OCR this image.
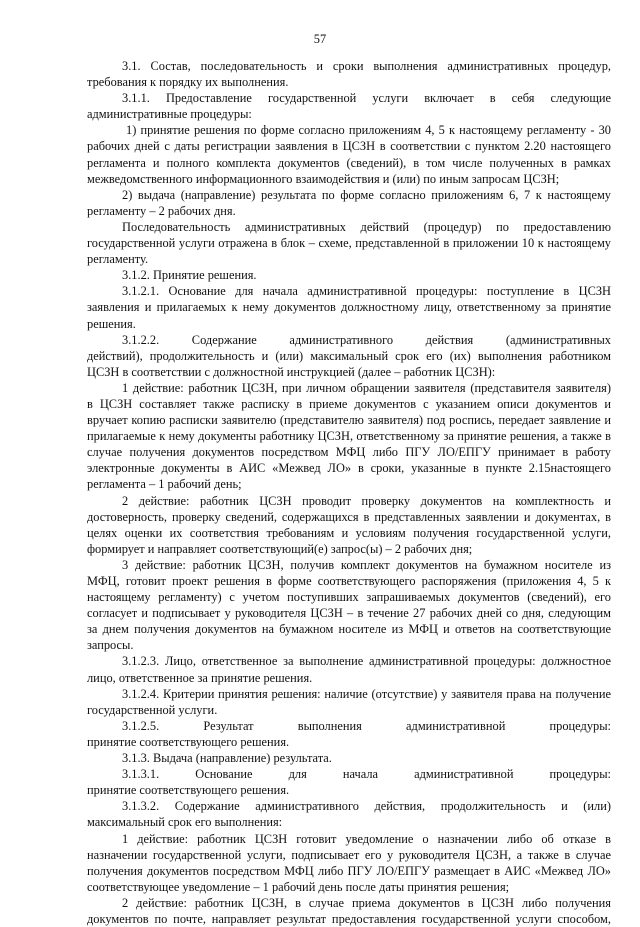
57
3.1. Состав, последовательность и сроки выполнения административных процедур,
требования к порядку их выполнения.
3.1.1. Предоставление государственной услуги включает в себя следующие
административные процедуры:
1) принятие решения по форме согласно приложениям 4, 5 к настоящему регламенту - 30
рабочих дней с даты регистрации заявления в ЦСЗН в соответствии с пунктом 2.20 настоящего
регламента и полного комплекта документов (сведений), в том числе полученных в рамках
межведомственного информационного взаимодействия и (или) по иным запросам ЦСЗН;
2) выдача (направление) результата по форме согласно приложениям 6, 7 к настоящему
регламенту – 2 рабочих дня.
Последовательность административных действий (процедур) по предоставлению
государственной услуги отражена в блок – схеме, представленной в приложении 10 к настоящему
регламенту.
3.1.2. Принятие решения.
3.1.2.1. Основание для начала административной процедуры: поступление в ЦСЗН
заявления и прилагаемых к нему документов должностному лицу, ответственному за принятие
решения.
3.1.2.2. Содержание административного действия (административных
действий), продолжительность и (или) максимальный срок его (их) выполнения работником
ЦСЗН в соответствии с должностной инструкцией (далее – работник ЦСЗН):
1 действие: работник ЦСЗН, при личном обращении заявителя (представителя заявителя)
в ЦСЗН составляет также расписку в приеме документов с указанием описи документов и
вручает копию расписки заявителю (представителю заявителя) под роспись, передает заявление и
прилагаемые к нему документы работнику ЦСЗН, ответственному за принятие решения, а также в
случае получения документов посредством МФЦ либо ПГУ ЛО/ЕПГУ принимает в работу
электронные документы в АИС «Межвед ЛО» в сроки, указанные в пункте 2.15настоящего
регламента – 1 рабочий день;
2 действие: работник ЦСЗН проводит проверку документов на комплектность и
достоверность, проверку сведений, содержащихся в представленных заявлении и документах, в
целях оценки их соответствия требованиям и условиям получения государственной услуги,
формирует и направляет соответствующий(е) запрос(ы) – 2 рабочих дня;
3 действие: работник ЦСЗН, получив комплект документов на бумажном носителе из
МФЦ, готовит проект решения в форме соответствующего распоряжения (приложения 4, 5 к
настоящему регламенту) с учетом поступивших запрашиваемых документов (сведений), его
согласует и подписывает у руководителя ЦСЗН – в течение 27 рабочих дней со дня, следующим
за днем получения документов на бумажном носителе из МФЦ и ответов на соответствующие
запросы.
3.1.2.3. Лицо, ответственное за выполнение административной процедуры: должностное
лицо, ответственное за принятие решения.
3.1.2.4. Критерии принятия решения: наличие (отсутствие) у заявителя права на получение
государственной услуги.
3.1.2.5. Результат выполнения административной процедуры:
принятие соответствующего решения.
3.1.3. Выдача (направление) результата.
3.1.3.1. Основание для начала административной процедуры:
принятие соответствующего решения.
3.1.3.2. Содержание административного действия, продолжительность и (или)
максимальный срок его выполнения:
1 действие: работник ЦСЗН готовит уведомление о назначении либо об отказе в
назначении государственной услуги, подписывает его у руководителя ЦСЗН, а также в случае
получения документов посредством МФЦ либо ПГУ ЛО/ЕПГУ размещает в АИС «Межвед ЛО»
соответствующее уведомление – 1 рабочий день после даты принятия решения;
2 действие: работник ЦСЗН, в случае приема документов в ЦСЗН либо получения
документов по почте, направляет результат предоставления государственной услуги способом,
